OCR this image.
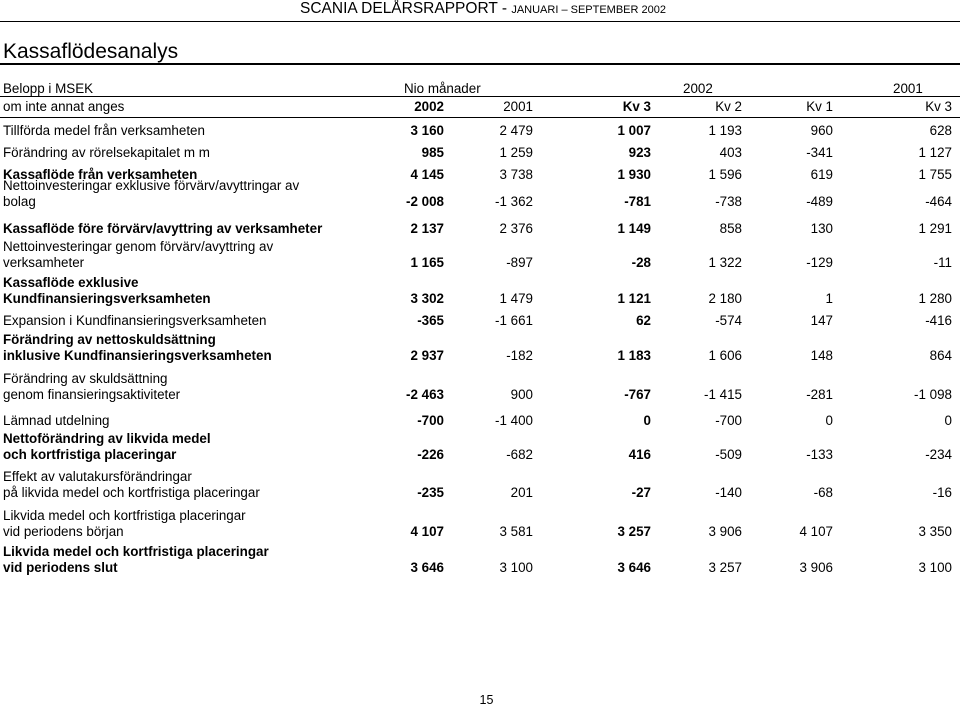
SCANIA DELÅRSRAPPORT - JANUARI – SEPTEMBER 2002
Kassaflödesanalys
Belopp i MSEK	Nio månader	2002	2001
om inte annat anges	2002	2001	Kv 3	Kv 2	Kv 1	Kv 3
Tillförda medel från verksamheten	3 160	2 479	1 007	1 193	960	628
Förändring av rörelsekapitalet m m	985	1 259	923	403	-341	1 127
Kassaflöde från verksamheten	4 145	3 738	1 930	1 596	619	1 755
Nettoinvesteringar exklusive förvärv/avyttringar av
bolag	-2 008	-1 362	-781	-738	-489	-464
Kassaflöde före förvärv/avyttring av verksamheter	2 137	2 376	1 149	858	130	1 291
Nettoinvesteringar genom förvärv/avyttring av
verksamheter	1 165	-897	-28	1 322	-129	-11
Kassaflöde exklusive
Kundfinansieringsverksamheten	3 302	1 479	1 121	2 180	1	1 280
Expansion i Kundfinansieringsverksamheten	-365	-1 661	62	-574	147	-416
Förändring av nettoskuldsättning
inklusive Kundfinansieringsverksamheten	2 937	-182	1 183	1 606	148	864
Förändring av skuldsättning
genom finansieringsaktiviteter	-2 463	900	-767	-1 415	-281	-1 098
Lämnad utdelning	-700	-1 400	0	-700	0	0
Nettoförändring av likvida medel
och kortfristiga placeringar	-226	-682	416	-509	-133	-234
Effekt av valutakursförändringar
på likvida medel och kortfristiga placeringar	-235	201	-27	-140	-68	-16
Likvida medel och kortfristiga placeringar
vid periodens början	4 107	3 581	3 257	3 906	4 107	3 350
Likvida medel och kortfristiga placeringar
vid periodens slut	3 646	3 100	3 646	3 257	3 906	3 100
15
